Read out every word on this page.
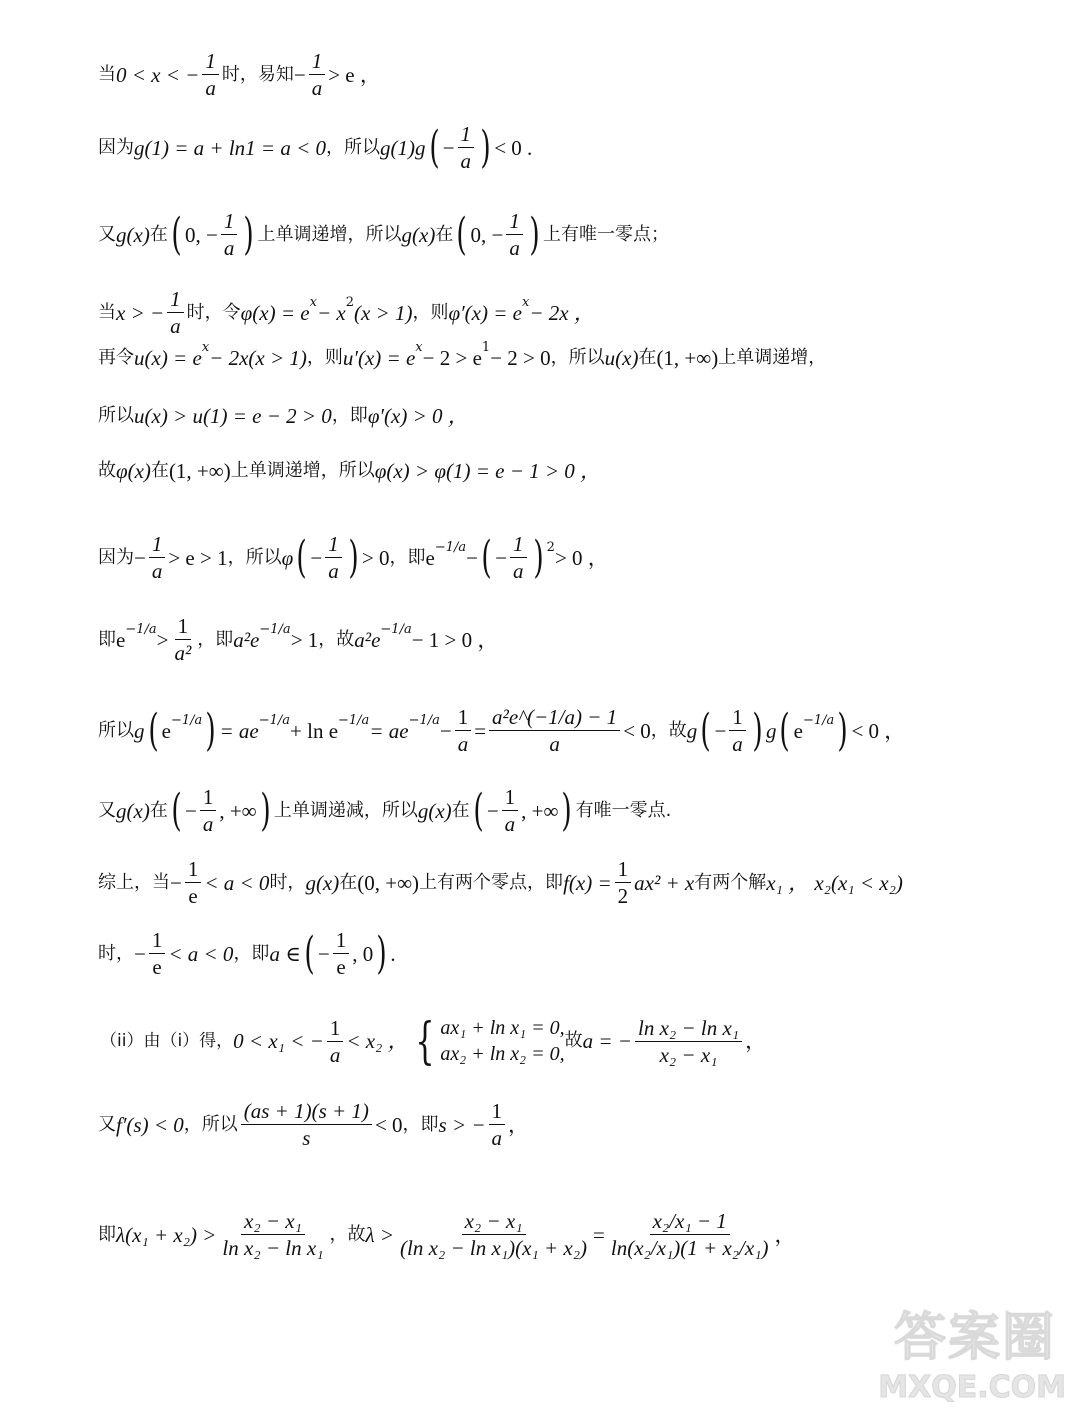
当 0 < x < − $\frac{1}{a}$ 时，易知 − $\frac{1}{a} > e$ ，
因为 g(1) = a + ln1 = a < 0 ，所以 g(1)g ( − $\frac{1}{a}$ ) < 0 .
又 g(x) 在 ( 0, − $\frac{1}{a}$ ) 上单调递增，所以 g(x) 在 ( 0, − $\frac{1}{a}$ ) 上有唯一零点；
当 x > − $\frac{1}{a}$ 时，令 φ(x) = e x − x 2 (x > 1) ，则 φ′(x) = e x − 2x ，
再令 u(x) = e x − 2x(x > 1) ，则 u′(x) = e x − 2 > e 1 − 2 > 0 ，所以 u(x) 在 (1, +∞) 上单调递增，
所以 u(x) > u(1) = e − 2 > 0 ，即 φ′(x) > 0 ，
故 φ(x) 在 (1, +∞) 上单调递增，所以 φ(x) > φ(1) = e − 1 > 0 ，
因为 − $\frac{1}{a} > e > 1$ ，所以 φ ( − $\frac{1}{a}$ ) > 0 ，即 e −1/a − ( − $\frac{1}{a}$ ) 2 > 0 ，
即 $e -1/a > \frac{1}{\text{a²}}$ ，即 a²e −1/a > 1 ，故 a²e −1/a − 1 > 0 ，
所以 g ( e −1/a ) = ae −1/a + ln e −1/a = ae $-1/a - \frac{1}{a} = \frac{\text{a²e\textasciicircum{}(−1/a) − 1}}{a} < 0$ ，故 g ( − $\frac{1}{a}$ ) g ( e −1/a ) < 0 ，
又 g(x) 在 ( − $\frac{1}{a}$ , +∞ ) 上单调递减，所以 g(x) 在 ( − $\frac{1}{a}$ , +∞ ) 有唯一零点.
综上，当 − $\frac{1}{e} < a < 0$ 时， g(x) 在 (0, +∞) 上有两个零点，即 $f(x) = \frac{1}{2} ax^2 + x$ 有两个解 x₁ ， x₂(x₁ < x₂)
时， − $\frac{1}{e} < a < 0$ ，即 a ∈ ( − $\frac{1}{e}$ , 0 ) .
（ii）由（i）得， 0 < x₁ < − $\frac{1}{a} < x_2$ ， { ax₁ + ln x₁ = 0,
ax₂ + ln x₂ = 0,
故 a = − $\frac{\text{ln x₂ − ln x₁}}{\text{x₂ − x₁}}$ ，
又 f′(s) < 0 ，所以 $\frac{(as + 1)(s + 1)}{s} < 0$ ，即 s > − $\frac{1}{a}$ ，
即 $\lambda(x_1 + x_2) > \frac{\text{x₂ − x₁}}{\text{ln x₂ − ln x₁}}$ ，故 $\lambda > \frac{\text{x₂ − x₁}}{\text{(ln x₂ − ln x₁)(x₁ + x₂)}} = \frac{\text{x₂/x₁ − 1}}{\text{ln(x₂/x₁)(1 + x₂/x₁)}}$ ，
答案圈
MXQE.COM
